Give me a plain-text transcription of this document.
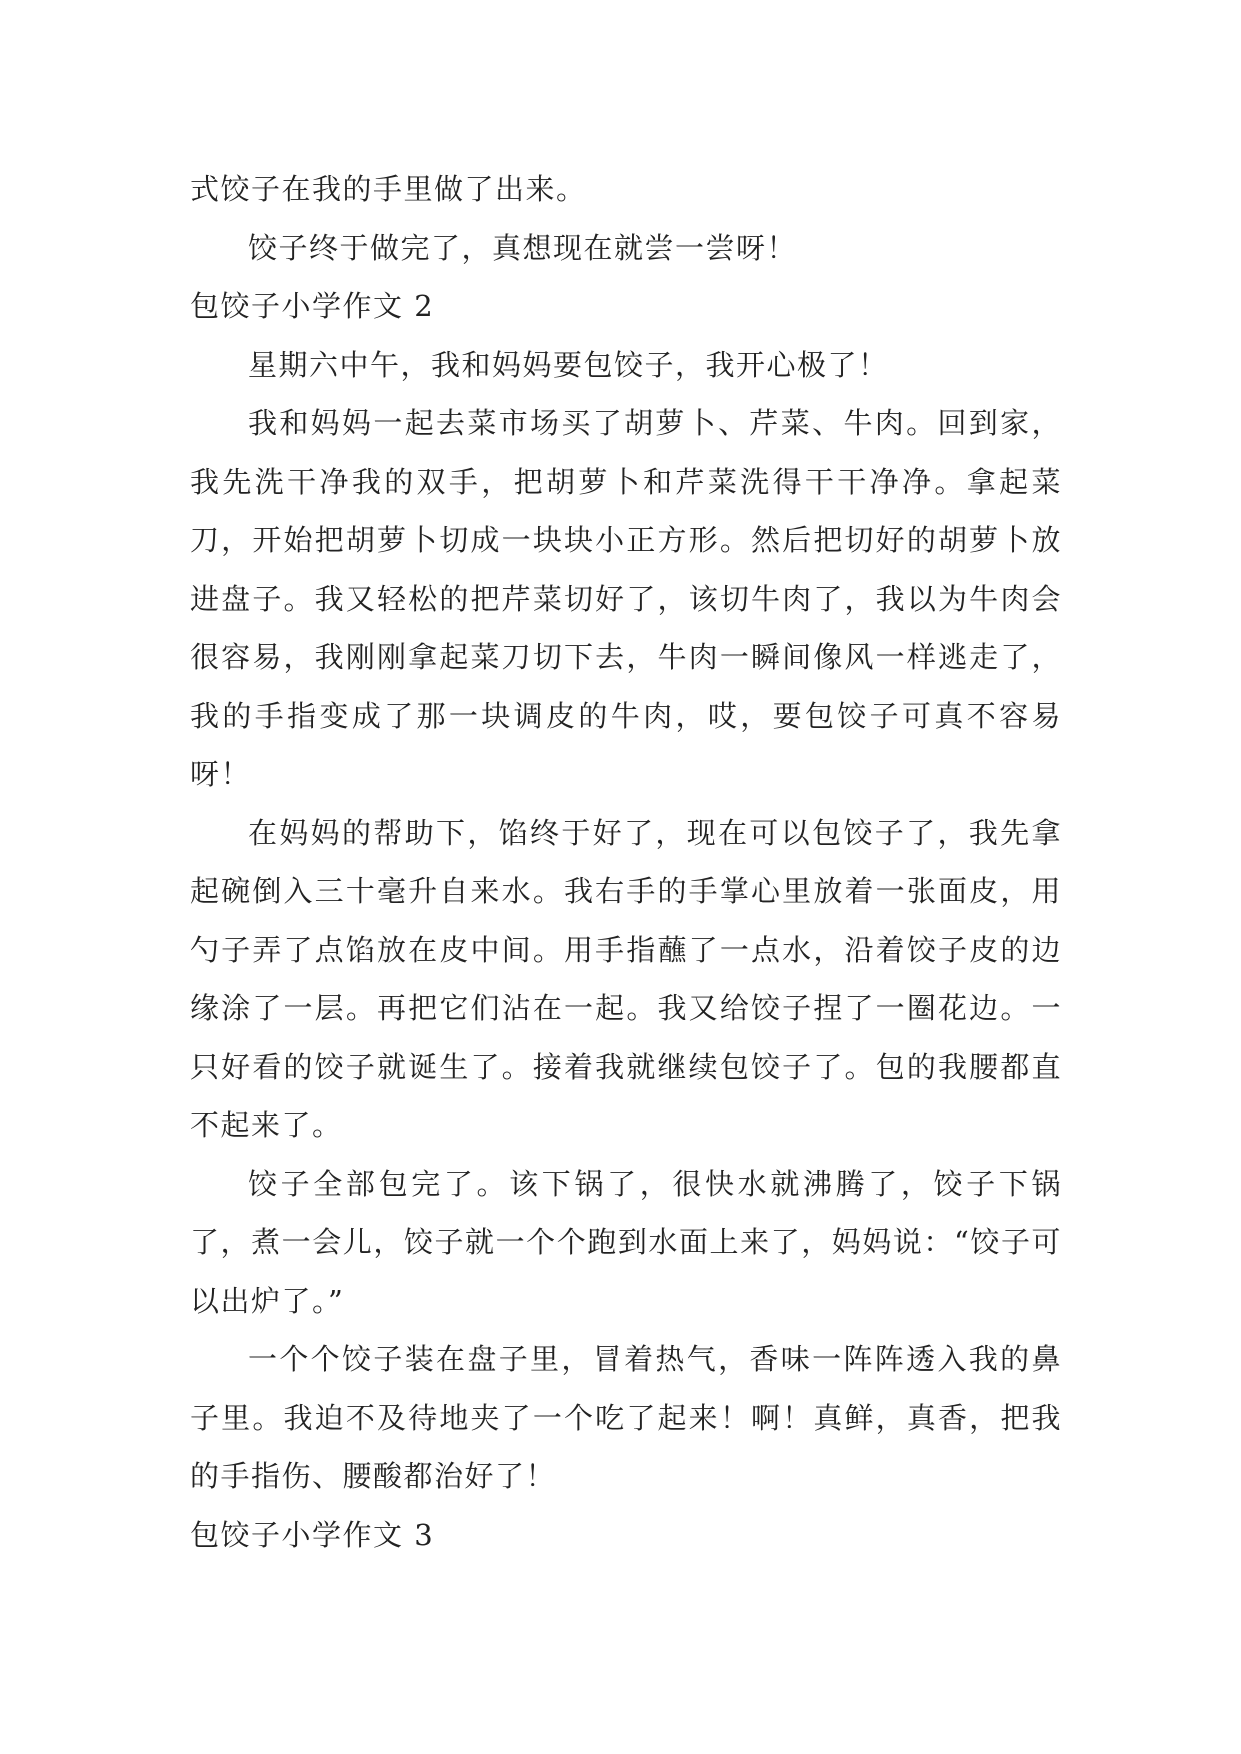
式饺子在我的手里做了出来。

饺子终于做完了，真想现在就尝一尝呀！

包饺子小学作文 2

星期六中午，我和妈妈要包饺子，我开心极了！

我和妈妈一起去菜市场买了胡萝卜、芹菜、牛肉。回到家，我先洗干净我的双手，把胡萝卜和芹菜洗得干干净净。拿起菜刀，开始把胡萝卜切成一块块小正方形。然后把切好的胡萝卜放进盘子。我又轻松的把芹菜切好了，该切牛肉了，我以为牛肉会很容易，我刚刚拿起菜刀切下去，牛肉一瞬间像风一样逃走了，我的手指变成了那一块调皮的牛肉，哎，要包饺子可真不容易呀！

在妈妈的帮助下，馅终于好了，现在可以包饺子了，我先拿起碗倒入三十毫升自来水。我右手的手掌心里放着一张面皮，用勺子弄了点馅放在皮中间。用手指蘸了一点水，沿着饺子皮的边缘涂了一层。再把它们沾在一起。我又给饺子捏了一圈花边。一只好看的饺子就诞生了。接着我就继续包饺子了。包的我腰都直不起来了。

饺子全部包完了。该下锅了，很快水就沸腾了，饺子下锅了，煮一会儿，饺子就一个个跑到水面上来了，妈妈说：“饺子可以出炉了。”

一个个饺子装在盘子里，冒着热气，香味一阵阵透入我的鼻子里。我迫不及待地夹了一个吃了起来！啊！真鲜，真香，把我的手指伤、腰酸都治好了！

包饺子小学作文 3
